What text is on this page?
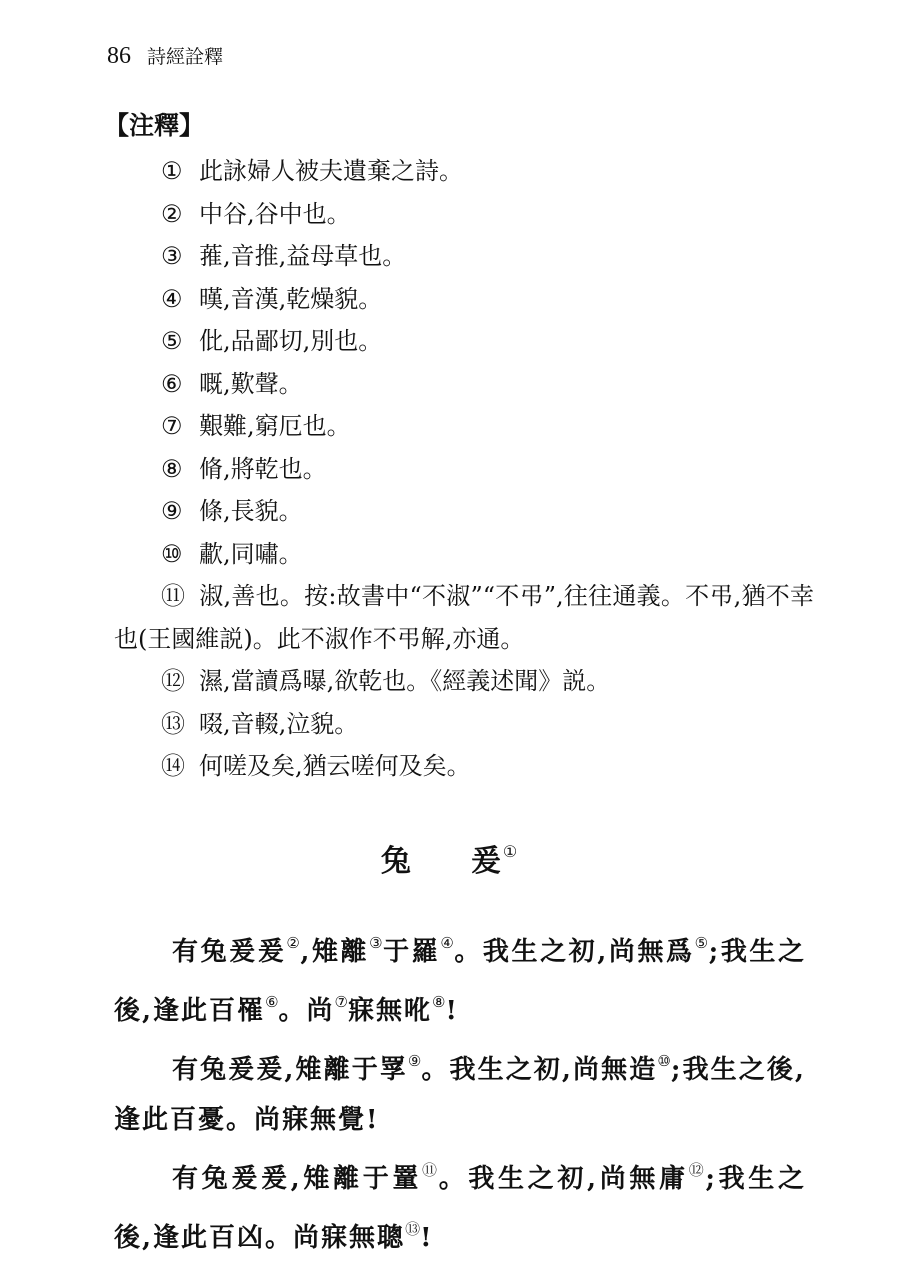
86 詩經詮釋
【注釋】
① 此詠婦人被夫遺棄之詩。
② 中谷,谷中也。
③ 蓷,音推,益母草也。
④ 暵,音漢,乾燥貌。
⑤ 仳,品鄙切,別也。
⑥ 嘅,歎聲。
⑦ 艱難,窮厄也。
⑧ 脩,將乾也。
⑨ 條,長貌。
⑩ 歗,同嘯。
⑪ 淑,善也。按:故書中“不淑”“不弔”,往往通義。不弔,猶不幸也(王國維説)。此不淑作不弔解,亦通。
⑫ 濕,當讀爲曝,欲乾也。《經義述聞》説。
⑬ 啜,音輟,泣貌。
⑭ 何嗟及矣,猶云嗟何及矣。
兔 爰①

有兔爰爰②,雉離③于羅④。我生之初,尚無爲⑤;我生之後,逢此百罹⑥。尚⑦寐無吪⑧!

有兔爰爰,雉離于罦⑨。我生之初,尚無造⑩;我生之後,逢此百憂。尚寐無覺!

有兔爰爰,雉離于罿⑪。我生之初,尚無庸⑫;我生之後,逢此百凶。尚寐無聰⑬!
